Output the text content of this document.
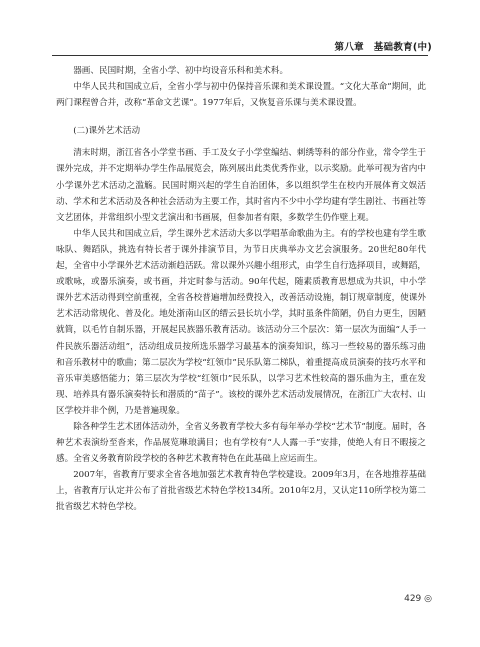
第八章　基础教育(中)

器画、民国时期，全省小学、初中均设音乐科和美术科。

中华人民共和国成立后，全省小学与初中仍保持音乐课和美术课设置。“文化大革命”期间，此两门课程曾合并，改称“革命文艺课”。1977年后，又恢复音乐课与美术课设置。

(二)课外艺术活动

清末时期，浙江省各小学堂书画、手工及女子小学堂编结、刺绣等科的部分作业，常令学生于课外完成，并不定期举办学生作品展览会，陈列展出此类优秀作业，以示奖励。此举可视为省内中小学课外艺术活动之滥觞。民国时期兴起的学生自治团体，多以组织学生在校内开展体育文娱活动、学术和艺术活动及各种社会活动为主要工作，其时省内不少中小学均建有学生剧社、书画社等文艺团体，并常组织小型文艺演出和书画展，但参加者有限，多数学生仍作壁上观。

中华人民共和国成立后，学生课外艺术活动大多以学唱革命歌曲为主。有的学校也建有学生歌咏队、舞蹈队，挑选有特长者于课外排演节目，为节日庆典举办文艺会演服务。20世纪80年代起，全省中小学课外艺术活动渐趋活跃。常以课外兴趣小组形式，由学生自行选择项目，或舞蹈，或歌咏，或器乐演奏，或书画，并定时参与活动。90年代起，随素质教育思想成为共识，中小学课外艺术活动得到空前重视，全省各校普遍增加经费投入，改善活动设施，制订规章制度，使课外艺术活动常规化、普及化。地处浙南山区的缙云县长坑小学，其时虽条件简陋，仍自力更生，因陋就简，以毛竹自制乐器，开展起民族器乐教育活动。该活动分三个层次：第一层次为面编“人手一件民族乐器活动组”，活动组成员按所选乐器学习最基本的演奏知识，练习一些较易的器乐练习曲和音乐教材中的歌曲；第二层次为学校“红领巾”民乐队第二梯队，着重提高成员演奏的技巧水平和音乐审美感悟能力；第三层次为学校“红领巾”民乐队，以学习艺术性较高的器乐曲为主，重在发现、培养具有器乐演奏特长和潜质的“苗子”。该校的课外艺术活动发展情况，在浙江广大农村、山区学校并非个例，乃是普遍现象。

除各种学生艺术团体活动外，全省义务教育学校大多有每年举办学校“艺术节”制度。届时，各种艺术表演纷至沓来，作品展览琳琅满目；也有学校有“人人露一手”安排，使绝人有日不暇接之感。全省义务教育阶段学校的各种艺术教育特色在此基础上应运而生。

2007年，省教育厅要求全省各地加强艺术教育特色学校建设。2009年3月，在各地推荐基础上，省教育厅认定并公布了首批省级艺术特色学校134所。2010年2月，又认定110所学校为第二批省级艺术特色学校。

429 ◎
